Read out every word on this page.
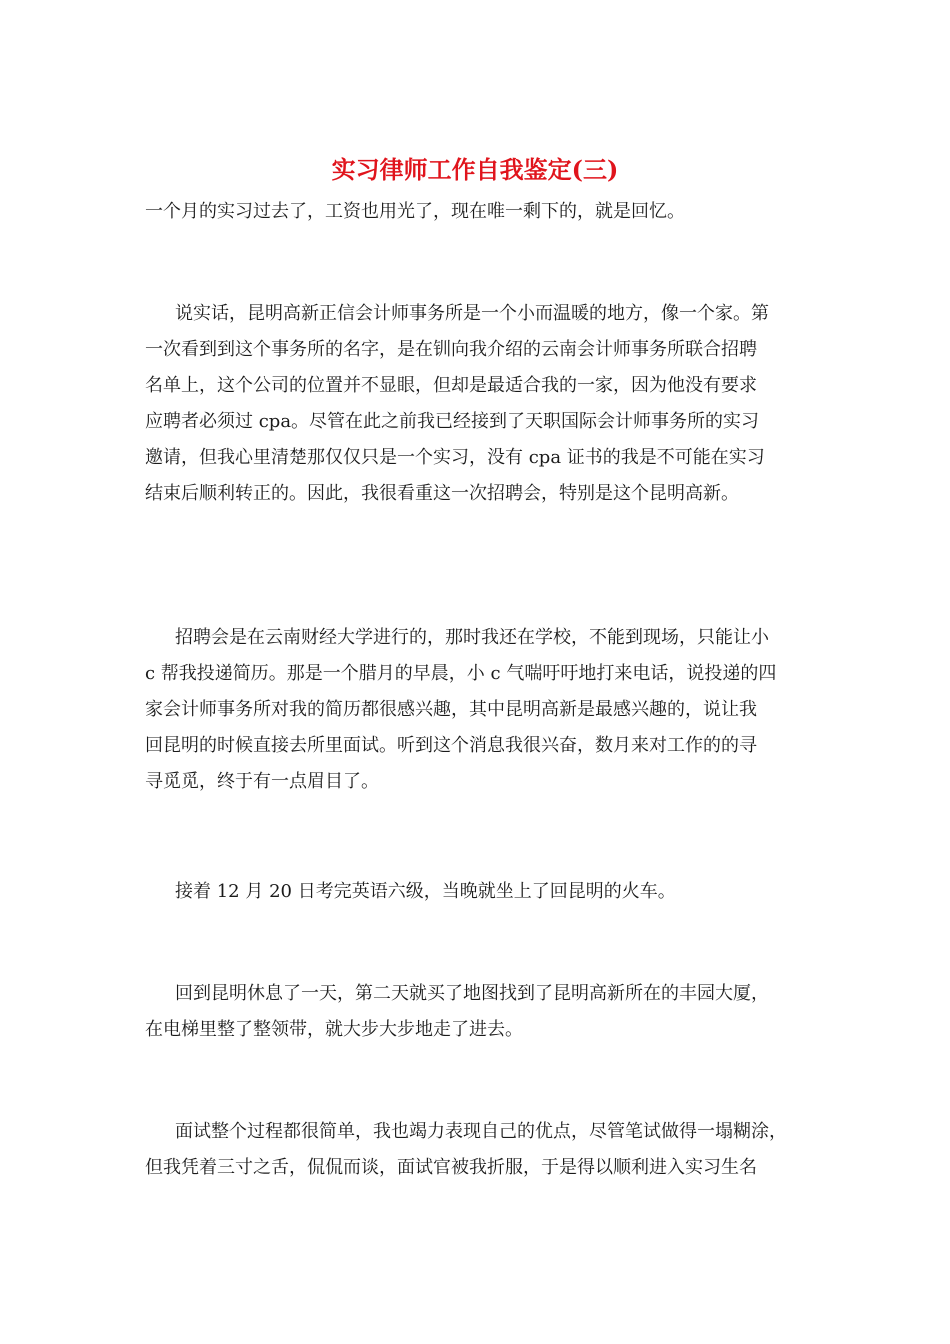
实习律师工作自我鉴定(三)
一个月的实习过去了，工资也用光了，现在唯一剩下的，就是回忆。
说实话，昆明高新正信会计师事务所是一个小而温暖的地方，像一个家。第
一次看到到这个事务所的名字，是在钏向我介绍的云南会计师事务所联合招聘
名单上，这个公司的位置并不显眼，但却是最适合我的一家，因为他没有要求
应聘者必须过 cpa。尽管在此之前我已经接到了天职国际会计师事务所的实习
邀请，但我心里清楚那仅仅只是一个实习，没有 cpa 证书的我是不可能在实习
结束后顺利转正的。因此，我很看重这一次招聘会，特别是这个昆明高新。
招聘会是在云南财经大学进行的，那时我还在学校，不能到现场，只能让小
c 帮我投递简历。那是一个腊月的早晨，小 c 气喘吁吁地打来电话，说投递的四
家会计师事务所对我的简历都很感兴趣，其中昆明高新是最感兴趣的，说让我
回昆明的时候直接去所里面试。听到这个消息我很兴奋，数月来对工作的的寻
寻觅觅，终于有一点眉目了。
接着 12 月 20 日考完英语六级，当晚就坐上了回昆明的火车。
回到昆明休息了一天，第二天就买了地图找到了昆明高新所在的丰园大厦，
在电梯里整了整领带，就大步大步地走了进去。
面试整个过程都很简单，我也竭力表现自己的优点，尽管笔试做得一塌糊涂，
但我凭着三寸之舌，侃侃而谈，面试官被我折服，于是得以顺利进入实习生名
